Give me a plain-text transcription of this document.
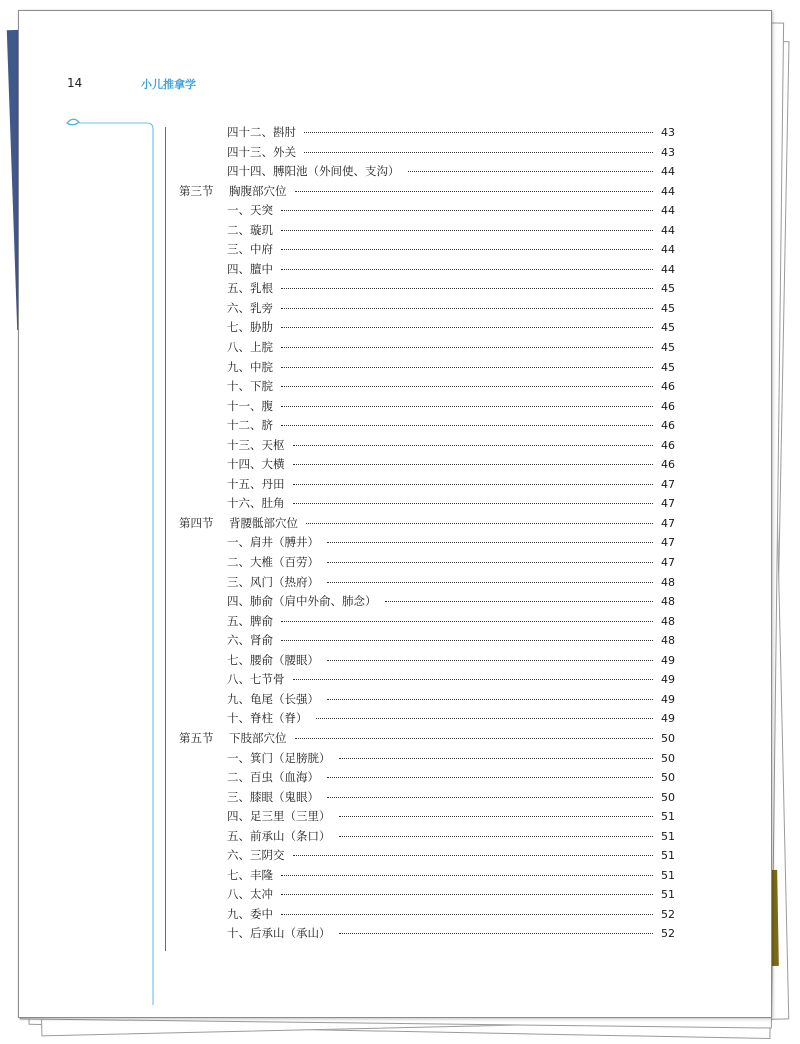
14	小儿推拿学
四十二、斟肘	43
四十三、外关	43
四十四、膊阳池（外间使、支沟）	44
第三节	胸腹部穴位	44
一、天突	44
二、璇玑	44
三、中府	44
四、膻中	44
五、乳根	45
六、乳旁	45
七、胁肋	45
八、上脘	45
九、中脘	45
十、下脘	46
十一、腹	46
十二、脐	46
十三、天枢	46
十四、大横	46
十五、丹田	47
十六、肚角	47
第四节	背腰骶部穴位	47
一、肩井（膊井）	47
二、大椎（百劳）	47
三、风门（热府）	48
四、肺俞（肩中外俞、肺念）	48
五、脾俞	48
六、肾俞	48
七、腰俞（腰眼）	49
八、七节骨	49
九、龟尾（长强）	49
十、脊柱（脊）	49
第五节	下肢部穴位	50
一、箕门（足膀胱）	50
二、百虫（血海）	50
三、膝眼（鬼眼）	50
四、足三里（三里）	51
五、前承山（条口）	51
六、三阴交	51
七、丰隆	51
八、太冲	51
九、委中	52
十、后承山（承山）	52
